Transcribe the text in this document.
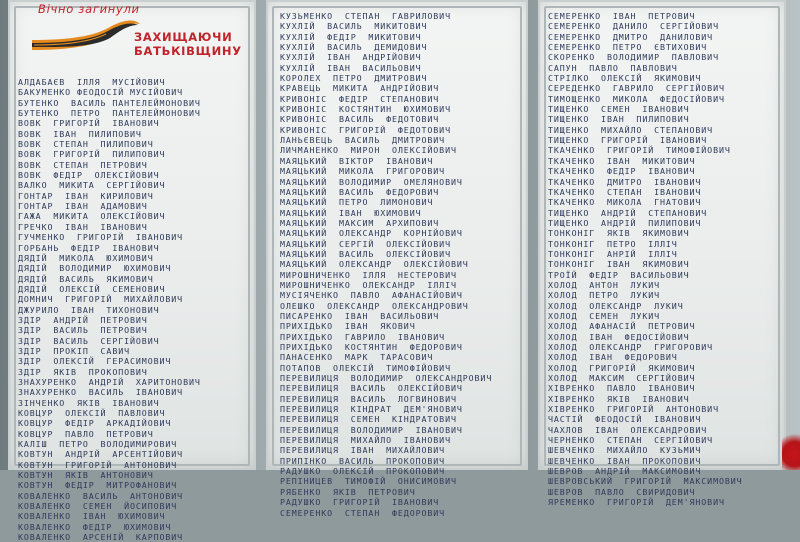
Вічно загинули
ЗАХИЩАЮЧИ
БАТЬКІВЩИНУ
АЛДАБАЄВ  ІЛЛЯ  МУСІЙОВИЧ
БАКУМЕНКО ФЕОДОСІЙ МУСІЙОВИЧ
БУТЕНКО  ВАСИЛЬ ПАНТЕЛЕЙМОНОВИЧ
БУТЕНКО  ПЕТРО  ПАНТЕЛЕЙМОНОВИЧ
ВОВК  ГРИГОРІЙ  ІВАНОВИЧ
ВОВК  ІВАН  ПИЛИПОВИЧ
ВОВК  СТЕПАН  ПИЛИПОВИЧ
ВОВК  ГРИГОРІЙ  ПИЛИПОВИЧ
ВОВК  СТЕПАН  ПЕТРОВИЧ
ВОВК  ФЕДІР  ОЛЕКСІЙОВИЧ
ВАЛКО  МИКИТА  СЕРГІЙОВИЧ
ГОНТАР  ІВАН  КИРИЛОВИЧ
ГОНТАР  ІВАН  АДАМОВИЧ
ГАЖА  МИКИТА  ОЛЕКСІЙОВИЧ
ГРЕЧКО  ІВАН  ІВАНОВИЧ
ГУЧМЕНКО  ГРИГОРІЙ  ІВАНОВИЧ
ГОРБАНЬ  ФЕДІР  ІВАНОВИЧ
ДЯДІЙ  МИКОЛА  ЮХИМОВИЧ
ДЯДІЙ  ВОЛОДИМИР  ЮХИМОВИЧ
ДЯДІЙ  ВАСИЛЬ  ЯКИМОВИЧ
ДЯДІЙ  ОЛЕКСІЙ  СЕМЕНОВИЧ
ДОМНИЧ  ГРИГОРІЙ  МИХАЙЛОВИЧ
ДЖУРИЛО  ІВАН  ТИХОНОВИЧ
ЗДІР  АНДРІЙ  ПЕТРОВИЧ
ЗДІР  ВАСИЛЬ  ПЕТРОВИЧ
ЗДІР  ВАСИЛЬ  СЕРГІЙОВИЧ
ЗДІР  ПРОКІП  САВИЧ
ЗДІР  ОЛЕКСІЙ  ГЕРАСИМОВИЧ
ЗДІР  ЯКІВ  ПРОКОПОВИЧ
ЗНАХУРЕНКО  АНДРІЙ  ХАРИТОНОВИЧ
ЗНАХУРЕНКО  ВАСИЛЬ  ІВАНОВИЧ
ЗІНЧЕНКО  ЯКІВ  ІВАНОВИЧ
КОВЦУР  ОЛЕКСІЙ  ПАВЛОВИЧ
КОВЦУР  ФЕДІР  АРКАДІЙОВИЧ
КОВЦУР  ПАВЛО  ПЕТРОВИЧ
КАЛІШ  ПЕТРО  ВОЛОДИМИРОВИЧ
КОВТУН  АНДРІЙ  АРСЕНТІЙОВИЧ
КОВТУН  ГРИГОРІЙ  АНТОНОВИЧ
КОВТУН  ЯКІВ  АНТОНОВИЧ
КОВТУН  ФЕДІР  МИТРОФАНОВИЧ
КОВАЛЕНКО  ВАСИЛЬ  АНТОНОВИЧ
КОВАЛЕНКО  СЕМЕН  ЙОСИПОВИЧ
КОВАЛЕНКО  ІВАН  ЮХИМОВИЧ
КОВАЛЕНКО  ФЕДІР  ЮХИМОВИЧ
КОВАЛЕНКО  АРСЕНІЙ  КАРПОВИЧ
КУЗЬМЕНКО  СТЕПАН  ГАВРИЛОВИЧ
КУХЛІЙ  ВАСИЛЬ  МИКИТОВИЧ
КУХЛІЙ  ФЕДІР  МИКИТОВИЧ
КУХЛІЙ  ВАСИЛЬ  ДЕМИДОВИЧ
КУХЛІЙ  ІВАН  АНДРІЙОВИЧ
КУХЛІЙ  ІВАН  ВАСИЛЬОВИЧ
КОРОЛЕХ  ПЕТРО  ДМИТРОВИЧ
КРАВЕЦЬ  МИКИТА  АНДРІЙОВИЧ
КРИВОНІС  ФЕДІР  СТЕПАНОВИЧ
КРИВОНІС  КОСТЯНТИН  ЮХИМОВИЧ
КРИВОНІС  ВАСИЛЬ  ФЕДОТОВИЧ
КРИВОНІС  ГРИГОРІЙ  ФЕДОТОВИЧ
ЛАНЬЄВЕЦЬ  ВАСИЛЬ  ДМИТРОВИЧ
ЛИЧМАНЕНКО  МИРОН  ОЛЕКСІЙОВИЧ
МАЯЦЬКИЙ  ВІКТОР  ІВАНОВИЧ
МАЯЦЬКИЙ  МИКОЛА  ГРИГОРОВИЧ
МАЯЦЬКИЙ  ВОЛОДИМИР  ОМЕЛЯНОВИЧ
МАЯЦЬКИЙ  ВАСИЛЬ  ФЕДОРОВИЧ
МАЯЦЬКИЙ  ПЕТРО  ЛИМОНОВИЧ
МАЯЦЬКИЙ  ІВАН  ЮХИМОВИЧ
МАЯЦЬКИЙ  МАКСИМ  АРХИПОВИЧ
МАЯЦЬКИЙ  ОЛЕКСАНДР  КОРНІЙОВИЧ
МАЯЦЬКИЙ  СЕРГІЙ  ОЛЕКСІЙОВИЧ
МАЯЦЬКИЙ  ВАСИЛЬ  ОЛЕКСІЙОВИЧ
МАЯЦЬКИЙ  ОЛЕКСАНДР  ОЛЕКСІЙОВИЧ
МИРОШНИЧЕНКО  ІЛЛЯ  НЕСТЕРОВИЧ
МИРОШНИЧЕНКО  ОЛЕКСАНДР  ІЛЛІЧ
МУСІЯЧЕНКО  ПАВЛО  АФАНАСІЙОВИЧ
ОЛЕШКО  ОЛЕКСАНДР  ОЛЕКСАНДРОВИЧ
ПИСАРЕНКО  ІВАН  ВАСИЛЬОВИЧ
ПРИХІДЬКО  ІВАН  ЯКОВИЧ
ПРИХІДЬКО  ГАВРИЛО  ІВАНОВИЧ
ПРИХІДЬКО  КОСТЯНТИН  ФЕДОРОВИЧ
ПАНАСЕНКО  МАРК  ТАРАСОВИЧ
ПОТАПОВ  ОЛЕКСІЙ  ТИМОФІЙОВИЧ
ПЕРЕВИЛИЦЯ  ВОЛОДИМИР  ОЛЕКСАНДРОВИЧ
ПЕРЕВИЛИЦЯ  ВАСИЛЬ  ОЛЕКСІЙОВИЧ
ПЕРЕВИЛИЦЯ  ВАСИЛЬ  ЛОГВИНОВИЧ
ПЕРЕВИЛИЦЯ  КІНДРАТ  ДЕМ'ЯНОВИЧ
ПЕРЕВИЛИЦЯ  СЕМЕН  КІНДРАТОВИЧ
ПЕРЕВИЛИЦЯ  ВОЛОДИМИР  ІВАНОВИЧ
ПЕРЕВИЛИЦЯ  МИХАЙЛО  ІВАНОВИЧ
ПЕРЕВИЛИЦЯ  ІВАН  МИХАЙЛОВИЧ
ПРИПІНКО  ВАСИЛЬ  ПРОКОПОВИЧ
РАДУШКО  ОЛЕКСІЙ  ПРОКОПОВИЧ
РЕПІНИЦЕВ  ТИМОФІЙ  ОНИСИМОВИЧ
РЯБЕНКО  ЯКІВ  ПЕТРОВИЧ
РАДУШКО  ГРИГОРІЙ  ІВАНОВИЧ
СЕМЕРЕНКО  СТЕПАН  ФЕДОРОВИЧ
СЕМЕРЕНКО  ІВАН  ПЕТРОВИЧ
СЕМЕРЕНКО  ДАНИЛО  СЕРГІЙОВИЧ
СЕМЕРЕНКО  ДМИТРО  ДАНИЛОВИЧ
СЕМЕРЕНКО  ПЕТРО  ЄВТИХОВИЧ
СКОРЕНКО  ВОЛОДИМИР  ПАВЛОВИЧ
САПУН  ПАВЛО  ПАВЛОВИЧ
СТРІЛКО  ОЛЕКСІЙ  ЯКИМОВИЧ
СЕРЕДЕНКО  ГАВРИЛО  СЕРГІЙОВИЧ
ТИМОЩЕНКО  МИКОЛА  ФЕДОСІЙОВИЧ
ТИЩЕНКО  СЕМЕН  ІВАНОВИЧ
ТИЩЕНКО  ІВАН  ПИЛИПОВИЧ
ТИЩЕНКО  МИХАЙЛО  СТЕПАНОВИЧ
ТИЩЕНКО  ГРИГОРІЙ  ІВАНОВИЧ
ТКАЧЕНКО  ГРИГОРІЙ  ТИМОФІЙОВИЧ
ТКАЧЕНКО  ІВАН  МИКИТОВИЧ
ТКАЧЕНКО  ФЕДІР  ІВАНОВИЧ
ТКАЧЕНКО  ДМИТРО  ІВАНОВИЧ
ТКАЧЕНКО  СТЕПАН  ІВАНОВИЧ
ТКАЧЕНКО  МИКОЛА  ГНАТОВИЧ
ТИЩЕНКО  АНДРІЙ  СТЕПАНОВИЧ
ТИЩЕНКО  АНДРІЙ  ПИЛИПОВИЧ
ТОНКОНІГ  ЯКІВ  ЯКИМОВИЧ
ТОНКОНІГ  ПЕТРО  ІЛЛІЧ
ТОНКОНІГ  АНРІЙ  ІЛЛІЧ
ТОНКОНІГ  ІВАН  ЯКИМОВИЧ
ТРОЇЙ  ФЕДІР  ВАСИЛЬОВИЧ
ХОЛОД  АНТОН  ЛУКИЧ
ХОЛОД  ПЕТРО  ЛУКИЧ
ХОЛОД  ОЛЕКСАНДР  ЛУКИЧ
ХОЛОД  СЕМЕН  ЛУКИЧ
ХОЛОД  АФАНАСІЙ  ПЕТРОВИЧ
ХОЛОД  ІВАН  ФЕДОСІЙОВИЧ
ХОЛОД  ОЛЕКСАНДР  ГРИГОРОВИЧ
ХОЛОД  ІВАН  ФЕДОРОВИЧ
ХОЛОД  ГРИГОРІЙ  ЯКИМОВИЧ
ХОЛОД  МАКСИМ  СЕРГІЙОВИЧ
ХІВРЕНКО  ПАВЛО  ІВАНОВИЧ
ХІВРЕНКО  ЯКІВ  ІВАНОВИЧ
ХІВРЕНКО  ГРИГОРІЙ  АНТОНОВИЧ
ЧАСТІЙ  ФЕОДОСІЙ  ІВАНОВИЧ
ЧАХЛОВ  ІВАН  ОЛЕКСАНДРОВИЧ
ЧЕРНЕНКО  СТЕПАН  СЕРГІЙОВИЧ
ШЕВЧЕНКО  МИХАЙЛО  КУЗЬМИЧ
ШЕВЧЕНКО  ІВАН  ПРОКОПОВИЧ
ШЕВРОВ  АНДРІЙ  МАКСИМОВИЧ
ШЕВРОВСЬКИЙ  ГРИГОРІЙ  МАКСИМОВИЧ
ШЕВРОВ  ПАВЛО  СВИРИДОВИЧ
ЯРЕМЕНКО  ГРИГОРІЙ  ДЕМ'ЯНОВИЧ
